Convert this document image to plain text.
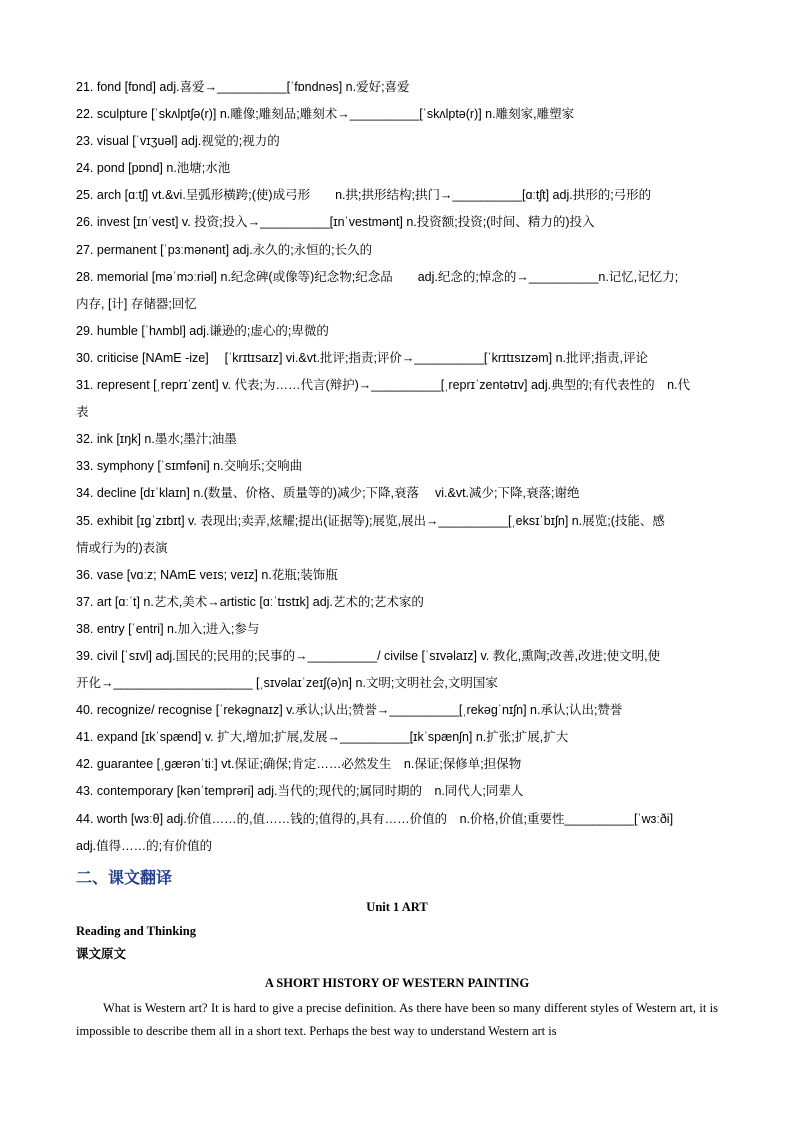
21. fond [fɒnd] adj.喜爱→__________[ˈfɒndnəs] n.爱好;喜爱
22. sculpture [ˈskʌlptʃə(r)] n.雕像;雕刻品;雕刻术→__________[ˈskʌlptə(r)] n.雕刻家,雕塑家
23. visual [ˈvɪʒuəl] adj.视觉的;视力的
24. pond [pɒnd] n.池塘;水池
25. arch [ɑːtʃ] vt.&vi.呈弧形横跨;(使)成弓形　　n.拱;拱形结构;拱门→__________[ɑːtʃt] adj.拱形的;弓形的
26. invest [ɪnˈvest] v. 投资;投入→__________[ɪnˈvestmənt] n.投资额;投资;(时间、精力的)投入
27. permanent [ˈpɜːmənənt] adj.永久的;永恒的;长久的
28. memorial [məˈmɔːriəl] n.纪念碑(或像等)纪念物;纪念品　　adj.纪念的;悼念的→__________n.记忆,记忆力;
内存, [计] 存储器;回忆
29. humble [ˈhʌmbl] adj.谦逊的;虚心的;卑微的
30. criticise [NAmE -ize]　 [ˈkrɪtɪsaɪz] vi.&vt.批评;指责;评价→__________[ˈkrɪtɪsɪzəm] n.批评;指责,评论
31. represent [ˌreprɪˈzent] v. 代表;为……代言(辩护)→__________[ˌreprɪˈzentətɪv] adj.典型的;有代表性的　n.代
表
32. ink [ɪŋk] n.墨水;墨汁;油墨
33. symphony [ˈsɪmfəni] n.交响乐;交响曲
34. decline [dɪˈklaɪn] n.(数量、价格、质量等的)减少;下降,衰落　 vi.&vt.减少;下降,衰落;谢绝
35. exhibit [ɪɡˈzɪbɪt] v. 表现出;卖弄,炫耀;提出(证据等);展览,展出→__________[ˌeksɪˈbɪʃn] n.展览;(技能、感
情或行为的)表演
36. vase [vɑːz; NAmE veɪs; veɪz] n.花瓶;装饰瓶
37. art [ɑːˈt] n.艺术,美术→artistic [ɑːˈtɪstɪk] adj.艺术的;艺术家的
38. entry [ˈentri] n.加入;进入;参与
39. civil [ˈsɪvl] adj.国民的;民用的;民事的→__________/ civilse [ˈsɪvəlaɪz] v. 教化,熏陶;改善,改进;使文明,使
开化→____________________ [ˌsɪvəlaɪˈzeɪʃ(ə)n] n.文明;文明社会,文明国家
40. recognize/ recognise [ˈrekəɡnaɪz] v.承认;认出;赞誉→__________[ˌrekəɡˈnɪʃn] n.承认;认出;赞誉
41. expand [ɪkˈspænd] v. 扩大,增加;扩展,发展→__________[ɪkˈspænʃn] n.扩张;扩展,扩大
42. guarantee [ˌɡærənˈtiː] vt.保证;确保;肯定……必然发生　n.保证;保修单;担保物
43. contemporary [kənˈtemprəri] adj.当代的;现代的;属同时期的　n.同代人;同辈人
44. worth [wɜːθ] adj.价值……的,值……钱的;值得的,具有……价值的　n.价格,价值;重要性__________[ˈwɜːði]
adj.值得……的;有价值的
二、课文翻译
Unit 1 ART
Reading and Thinking
课文原文
A SHORT HISTORY OF WESTERN PAINTING
What is Western art? It is hard to give a precise definition. As there have been so many different styles of Western art, it is impossible to describe them all in a short text. Perhaps the best way to understand Western art is
